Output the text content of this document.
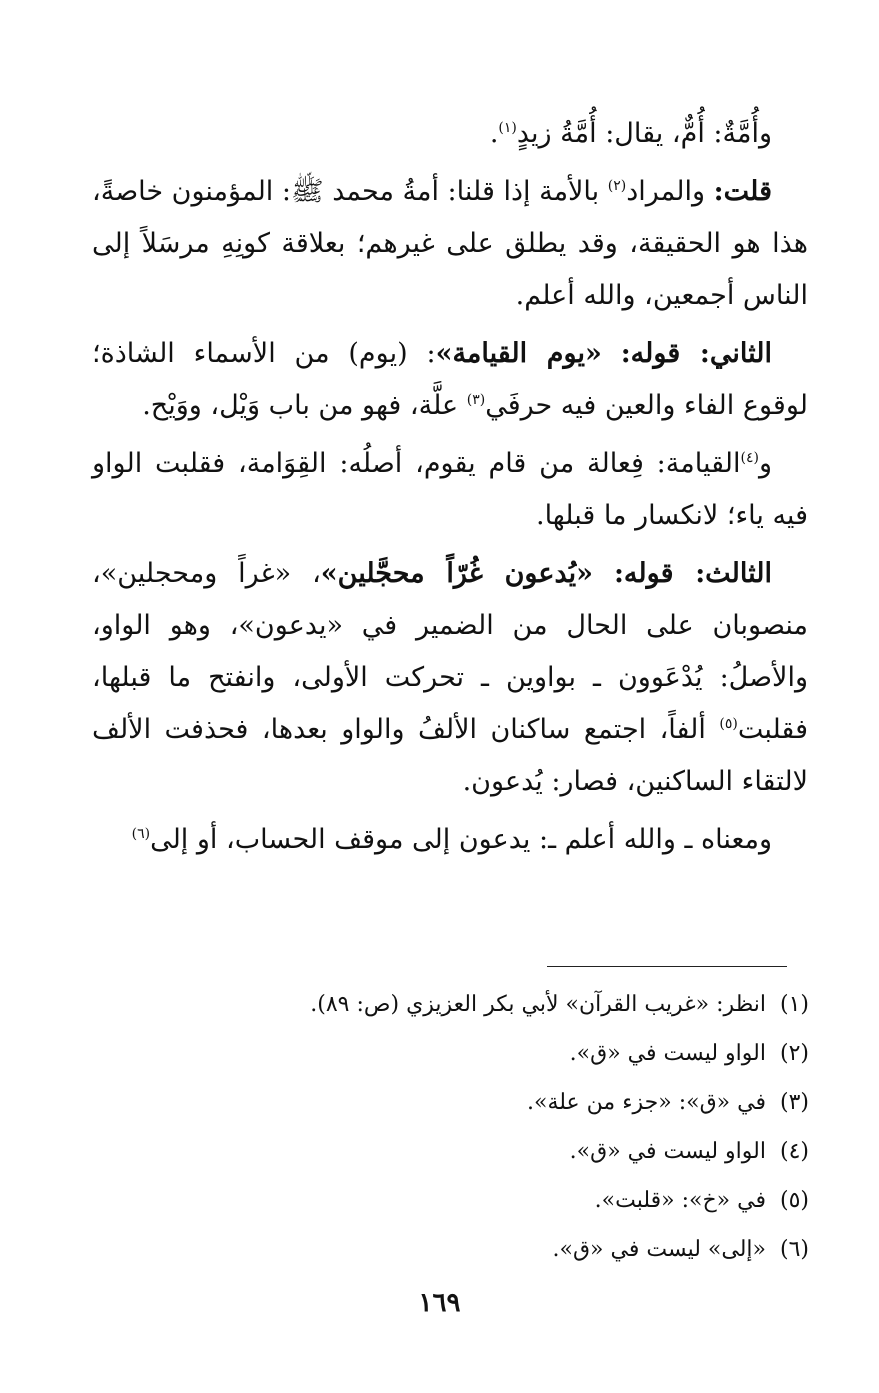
وأُمَّةٌ: أُمٌّ، يقال: أُمَّةُ زيدٍ$^{(١)}$.

قلت: والمراد$^{(٢)}$ بالأمة إذا قلنا: أمةُ محمد ﷺ: المؤمنون خاصةً، هذا هو الحقيقة، وقد يطلق على غيرهم؛ بعلاقة كونِهِ مرسَلاً إلى الناس أجمعين، والله أعلم.

الثاني: قوله: «يوم القيامة»: (يوم) من الأسماء الشاذة؛ لوقوع الفاء والعين فيه حرفَي$^{(٣)}$ علَّة، فهو من باب وَيْل، ووَيْح.

و$^{(٤)}$القيامة: فِعالة من قام يقوم، أصلُه: القِوَامة، فقلبت الواو فيه ياء؛ لانكسار ما قبلها.

الثالث: قوله: «يُدعون غُرّاً محجَّلين»، «غراً ومحجلين»، منصوبان على الحال من الضمير في «يدعون»، وهو الواو، والأصلُ: يُدْعَوون ـ بواوين ـ تحركت الأولى، وانفتح ما قبلها، فقلبت$^{(٥)}$ ألفاً، اجتمع ساكنان الألفُ والواو بعدها، فحذفت الألف لالتقاء الساكنين، فصار: يُدعون.

ومعناه ـ والله أعلم ـ: يدعون إلى موقف الحساب، أو إلى$^{(٦)}$

(١)انظر: «غريب القرآن» لأبي بكر العزيزي (ص: ٨٩).
(٢)الواو ليست في «ق».
(٣)في «ق»: «جزء من علة».
(٤)الواو ليست في «ق».
(٥)في «خ»: «قلبت».
(٦)«إلى» ليست في «ق».
١٦٩
